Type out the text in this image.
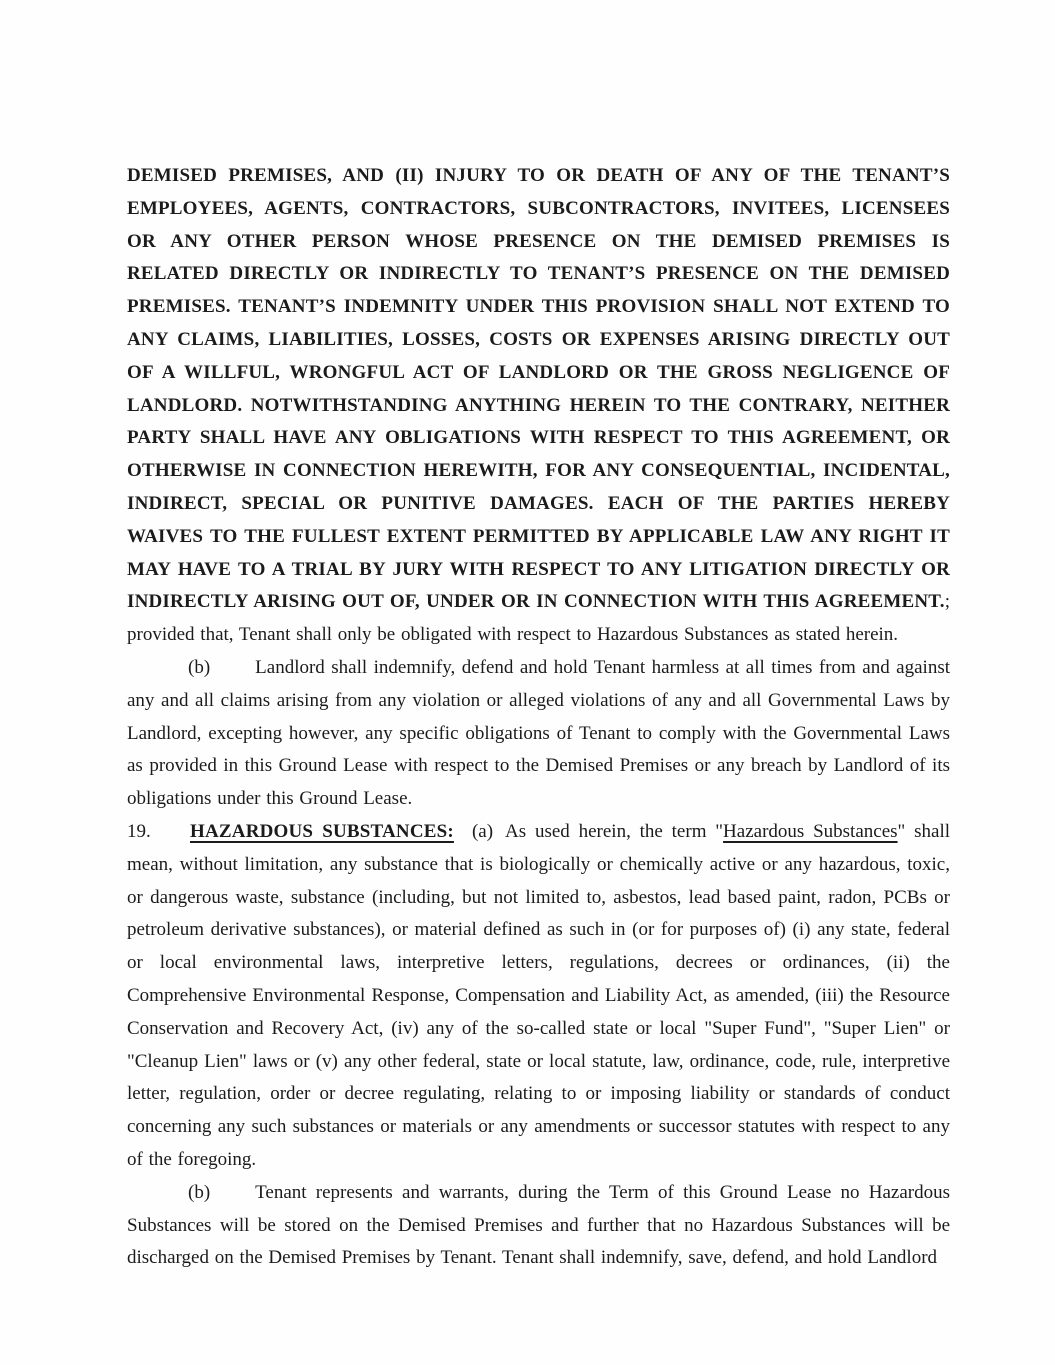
DEMISED PREMISES, AND (II) INJURY TO OR DEATH OF ANY OF THE TENANT’S EMPLOYEES, AGENTS, CONTRACTORS, SUBCONTRACTORS, INVITEES, LICENSEES OR ANY OTHER PERSON WHOSE PRESENCE ON THE DEMISED PREMISES IS RELATED DIRECTLY OR INDIRECTLY TO TENANT’S PRESENCE ON THE DEMISED PREMISES. TENANT’S INDEMNITY UNDER THIS PROVISION SHALL NOT EXTEND TO ANY CLAIMS, LIABILITIES, LOSSES, COSTS OR EXPENSES ARISING DIRECTLY OUT OF A WILLFUL, WRONGFUL ACT OF LANDLORD OR THE GROSS NEGLIGENCE OF LANDLORD. NOTWITHSTANDING ANYTHING HEREIN TO THE CONTRARY, NEITHER PARTY SHALL HAVE ANY OBLIGATIONS WITH RESPECT TO THIS AGREEMENT, OR OTHERWISE IN CONNECTION HEREWITH, FOR ANY CONSEQUENTIAL, INCIDENTAL, INDIRECT, SPECIAL OR PUNITIVE DAMAGES. EACH OF THE PARTIES HEREBY WAIVES TO THE FULLEST EXTENT PERMITTED BY APPLICABLE LAW ANY RIGHT IT MAY HAVE TO A TRIAL BY JURY WITH RESPECT TO ANY LITIGATION DIRECTLY OR INDIRECTLY ARISING OUT OF, UNDER OR IN CONNECTION WITH THIS AGREEMENT.; provided that, Tenant shall only be obligated with respect to Hazardous Substances as stated herein.

(b) Landlord shall indemnify, defend and hold Tenant harmless at all times from and against any and all claims arising from any violation or alleged violations of any and all Governmental Laws by Landlord, excepting however, any specific obligations of Tenant to comply with the Governmental Laws as provided in this Ground Lease with respect to the Demised Premises or any breach by Landlord of its obligations under this Ground Lease.

19. HAZARDOUS SUBSTANCES: (a) As used herein, the term "Hazardous Substances" shall mean, without limitation, any substance that is biologically or chemically active or any hazardous, toxic, or dangerous waste, substance (including, but not limited to, asbestos, lead based paint, radon, PCBs or petroleum derivative substances), or material defined as such in (or for purposes of) (i) any state, federal or local environmental laws, interpretive letters, regulations, decrees or ordinances, (ii) the Comprehensive Environmental Response, Compensation and Liability Act, as amended, (iii) the Resource Conservation and Recovery Act, (iv) any of the so-called state or local "Super Fund", "Super Lien" or "Cleanup Lien" laws or (v) any other federal, state or local statute, law, ordinance, code, rule, interpretive letter, regulation, order or decree regulating, relating to or imposing liability or standards of conduct concerning any such substances or materials or any amendments or successor statutes with respect to any of the foregoing.

(b) Tenant represents and warrants, during the Term of this Ground Lease no Hazardous Substances will be stored on the Demised Premises and further that no Hazardous Substances will be discharged on the Demised Premises by Tenant. Tenant shall indemnify, save, defend, and hold Landlord
